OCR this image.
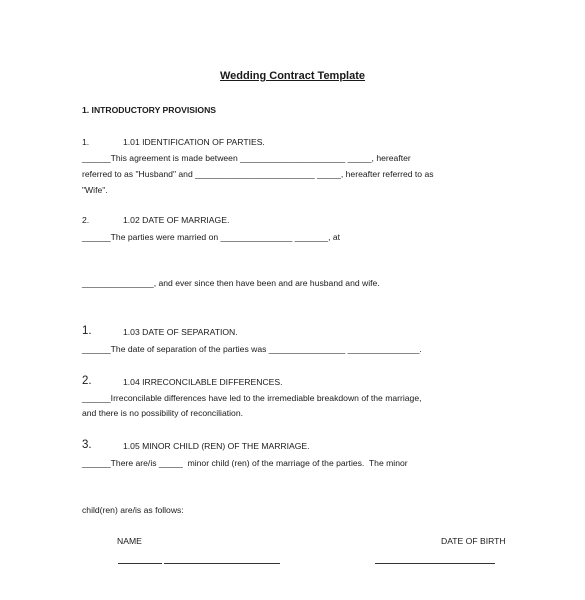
Wedding Contract Template
1. INTRODUCTORY PROVISIONS
1.	1.01 IDENTIFICATION OF PARTIES.
______This agreement is made between ______________________ _____, hereafter
referred to as "Husband" and _________________________ _____, hereafter referred to as
"Wife".
2.	1.02 DATE OF MARRIAGE.
______The parties were married on _______________ _______, at
_______________, and ever since then have been and are husband and wife.
1.	1.03 DATE OF SEPARATION.
______The date of separation of the parties was ________________ _______________.
2.	1.04 IRRECONCILABLE DIFFERENCES.
______Irreconcilable differences have led to the irremediable breakdown of the marriage,
and there is no possibility of reconciliation.
3.	1.05 MINOR CHILD (REN) OF THE MARRIAGE.
______There are/is _____  minor child (ren) of the marriage of the parties.  The minor
child(ren) are/is as follows:
NAME	DATE OF BIRTH
